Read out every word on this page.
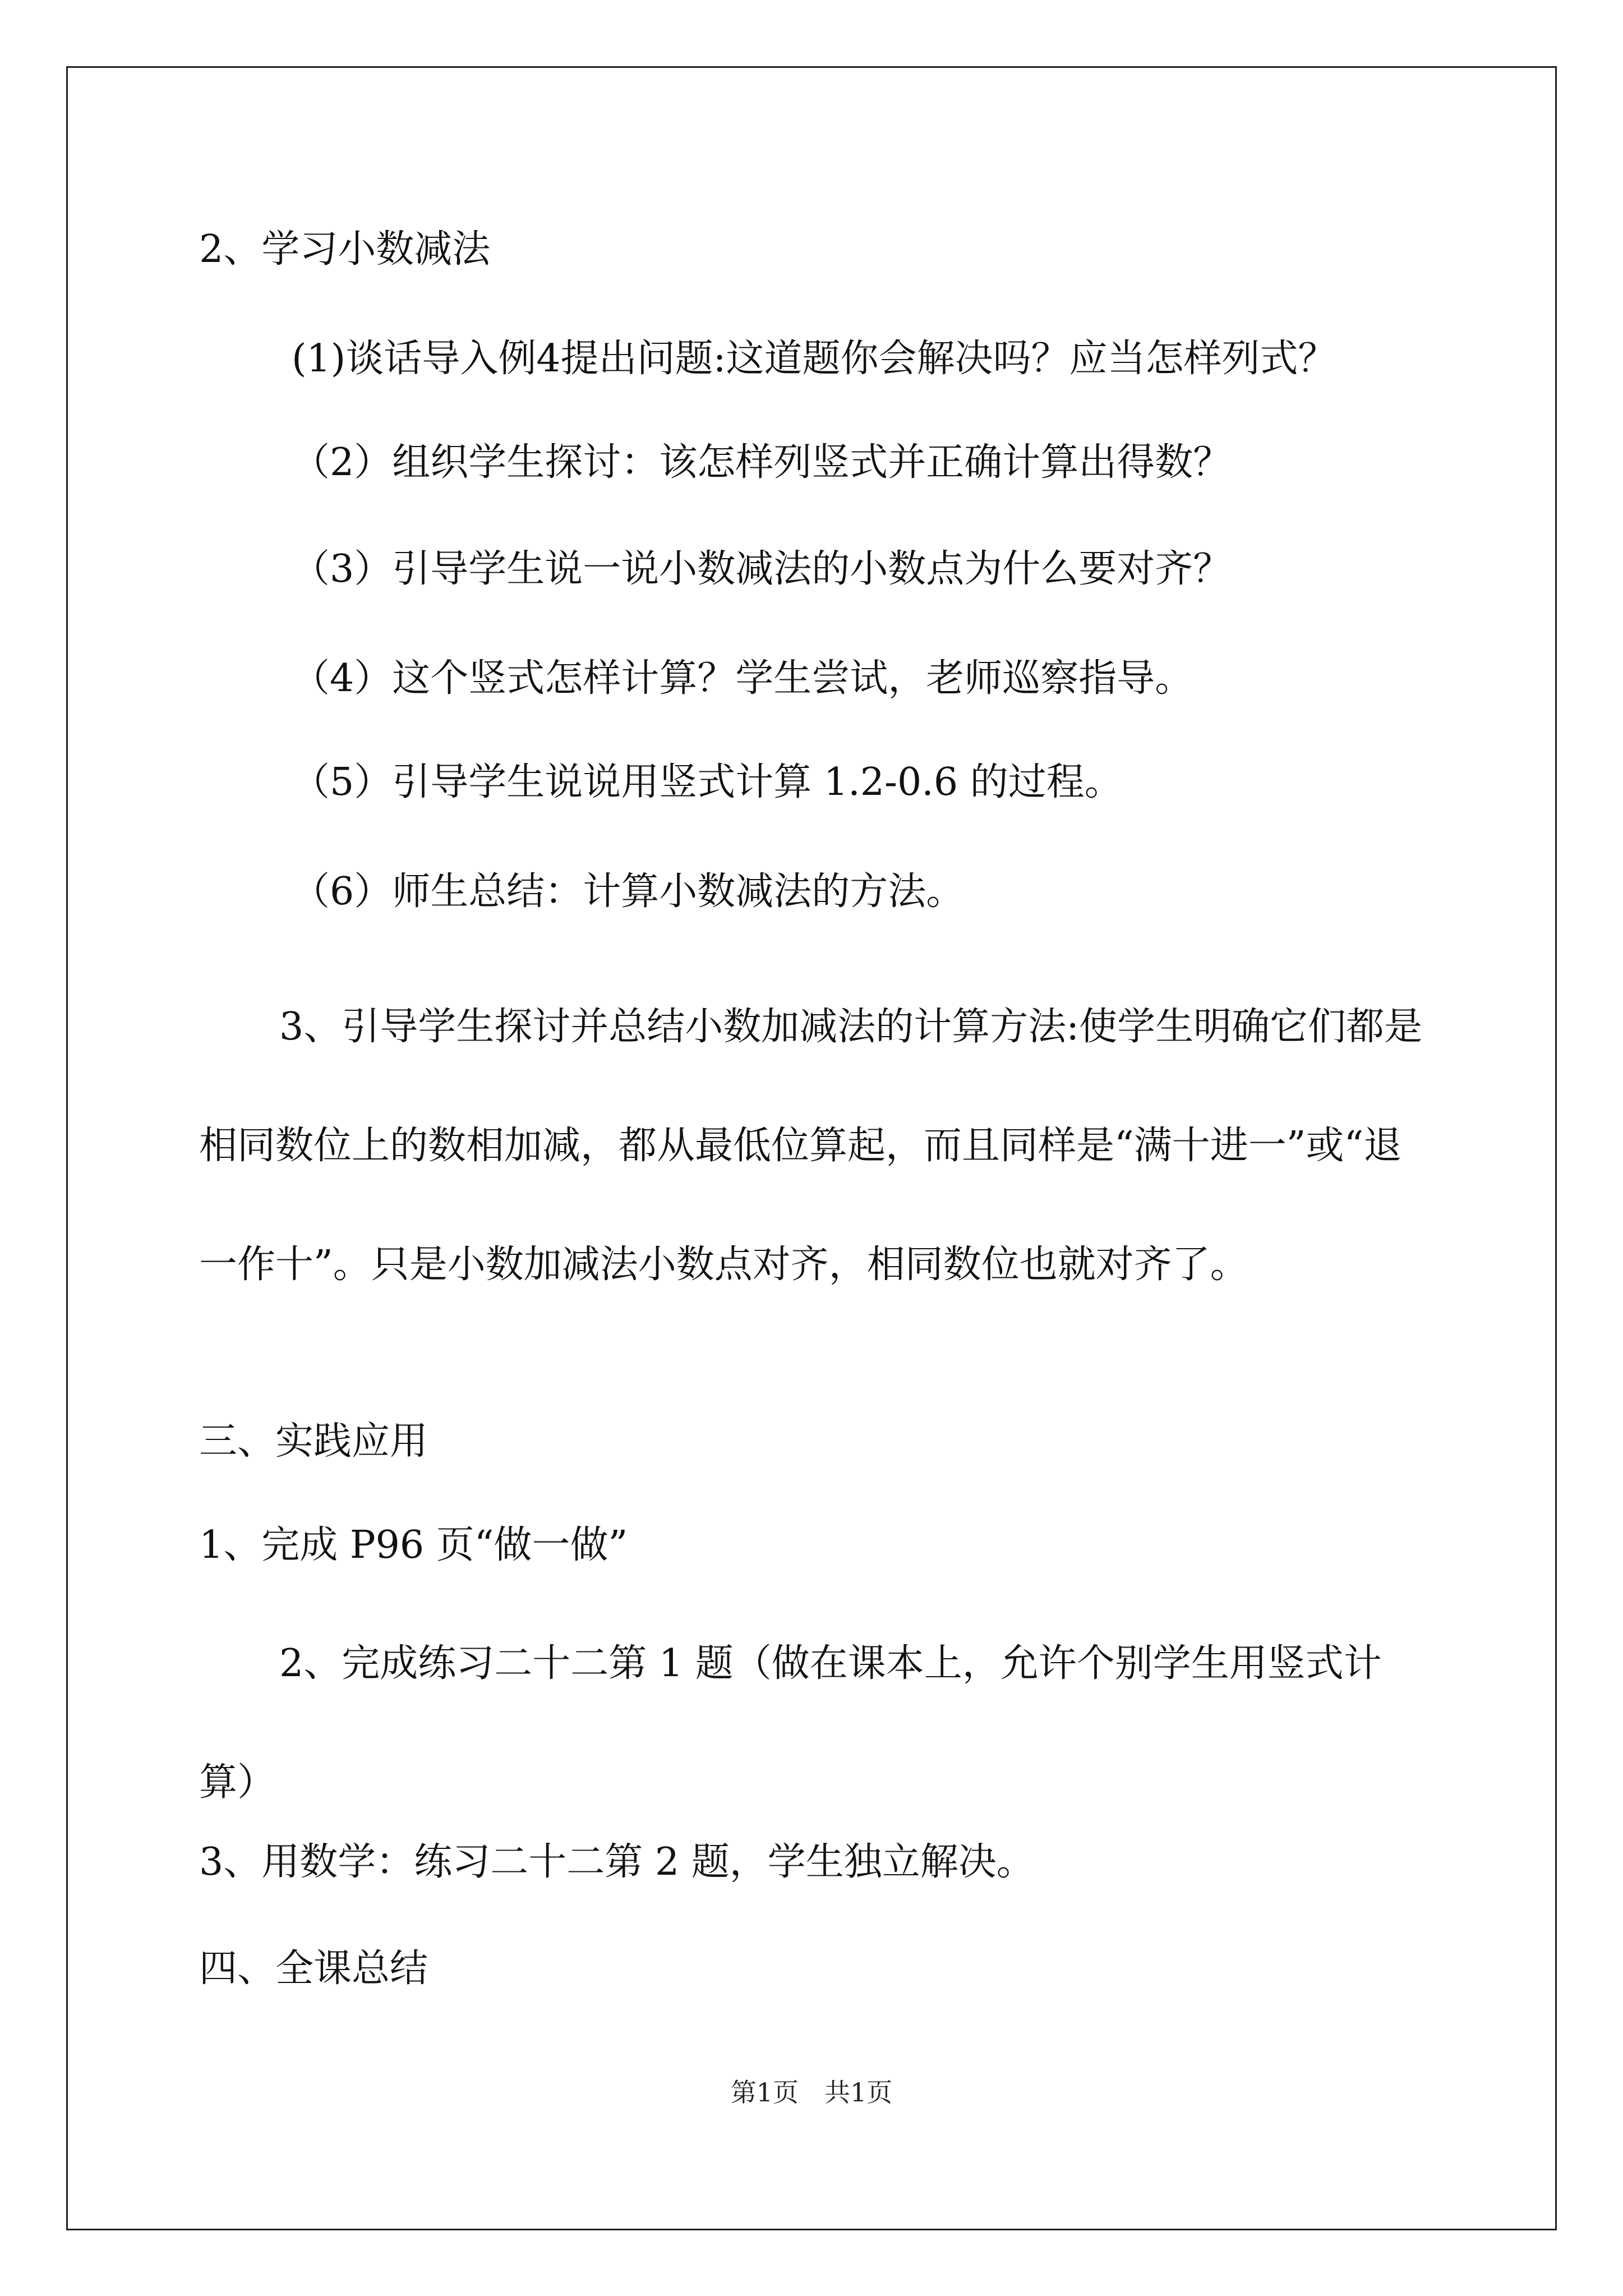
2、学习小数减法

(1)谈话导入例4提出问题:这道题你会解决吗？应当怎样列式？

（2）组织学生探讨：该怎样列竖式并正确计算出得数？

（3）引导学生说一说小数减法的小数点为什么要对齐？

（4）这个竖式怎样计算？学生尝试，老师巡察指导。

（5）引导学生说说用竖式计算 1.2-0.6 的过程。

（6）师生总结：计算小数减法的方法。

3、引导学生探讨并总结小数加减法的计算方法:使学生明确它们都是相同数位上的数相加减，都从最低位算起，而且同样是“满十进一”或“退一作十”。只是小数加减法小数点对齐，相同数位也就对齐了。

三、实践应用

1、完成 P96 页“做一做”

2、完成练习二十二第 1 题（做在课本上，允许个别学生用竖式计算）

3、用数学：练习二十二第 2 题，学生独立解决。

四、全课总结

第1页　共1页
